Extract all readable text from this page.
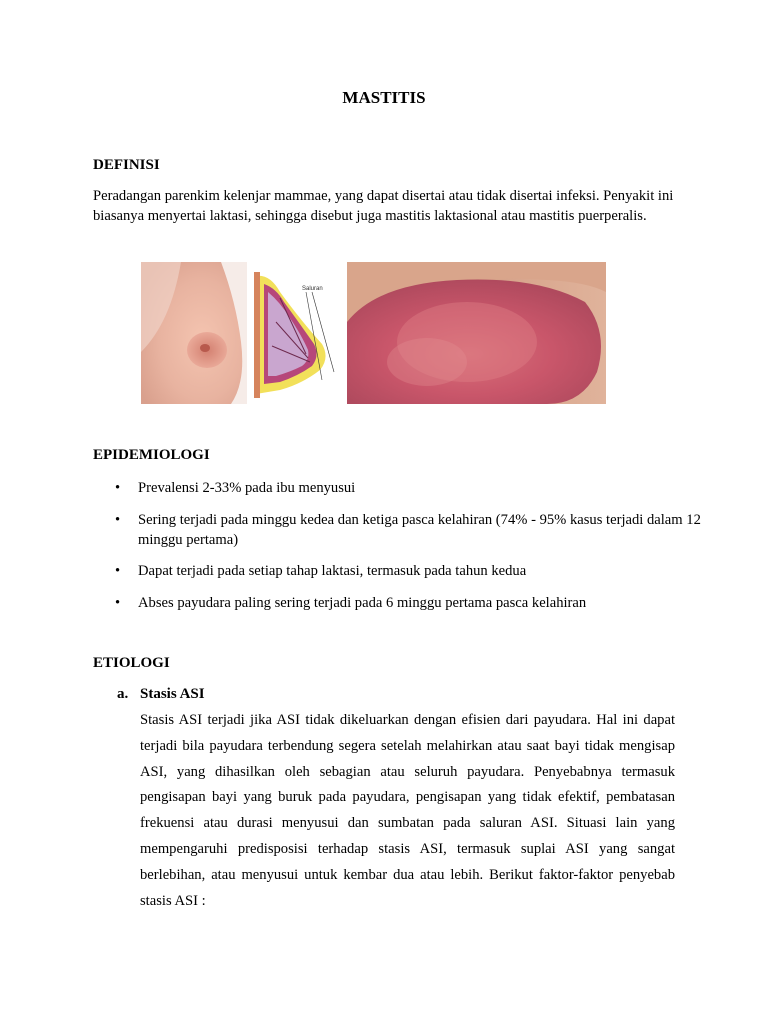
MASTITIS
DEFINISI
Peradangan parenkim kelenjar mammae, yang dapat disertai atau tidak disertai infeksi. Penyakit ini biasanya menyertai laktasi, sehingga disebut juga mastitis laktasional atau mastitis puerperalis.
Saluran
EPIDEMIOLOGI
• Prevalensi 2-33% pada ibu menyusui
• Sering terjadi pada minggu kedea dan ketiga pasca kelahiran (74% - 95% kasus terjadi dalam 12 minggu pertama)
• Dapat terjadi pada setiap tahap laktasi, termasuk pada tahun kedua
• Abses payudara paling sering terjadi pada 6 minggu pertama pasca kelahiran
ETIOLOGI
a. Stasis ASI
Stasis ASI terjadi jika ASI tidak dikeluarkan dengan efisien dari payudara. Hal ini dapat terjadi bila payudara terbendung segera setelah melahirkan atau saat bayi tidak mengisap ASI, yang dihasilkan oleh sebagian atau seluruh payudara. Penyebabnya termasuk pengisapan bayi yang buruk pada payudara, pengisapan yang tidak efektif, pembatasan frekuensi atau durasi menyusui dan sumbatan pada saluran ASI. Situasi lain yang mempengaruhi predisposisi terhadap stasis ASI, termasuk suplai ASI yang sangat berlebihan, atau menyusui untuk kembar dua atau lebih. Berikut faktor-faktor penyebab stasis ASI :
